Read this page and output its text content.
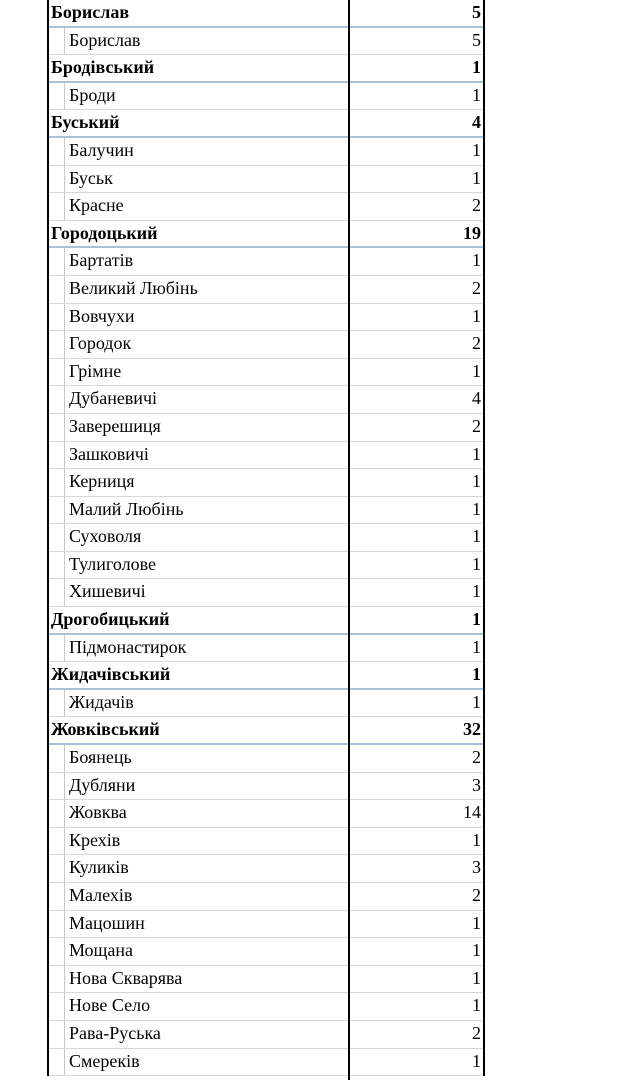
Борислав	5
Борислав	5
Бродівський	1
Броди	1
Буський	4
Балучин	1
Буськ	1
Красне	2
Городоцький	19
Бартатів	1
Великий Любінь	2
Вовчухи	1
Городок	2
Грімне	1
Дубаневичі	4
Заверешиця	2
Зашковичі	1
Керниця	1
Малий Любінь	1
Суховоля	1
Тулиголове	1
Хишевичі	1
Дрогобицький	1
Підмонастирок	1
Жидачівський	1
Жидачів	1
Жовківський	32
Боянець	2
Дубляни	3
Жовква	14
Крехів	1
Куликів	3
Малехів	2
Мацошин	1
Мощана	1
Нова Скварява	1
Нове Село	1
Рава-Руська	2
Смереків	1
